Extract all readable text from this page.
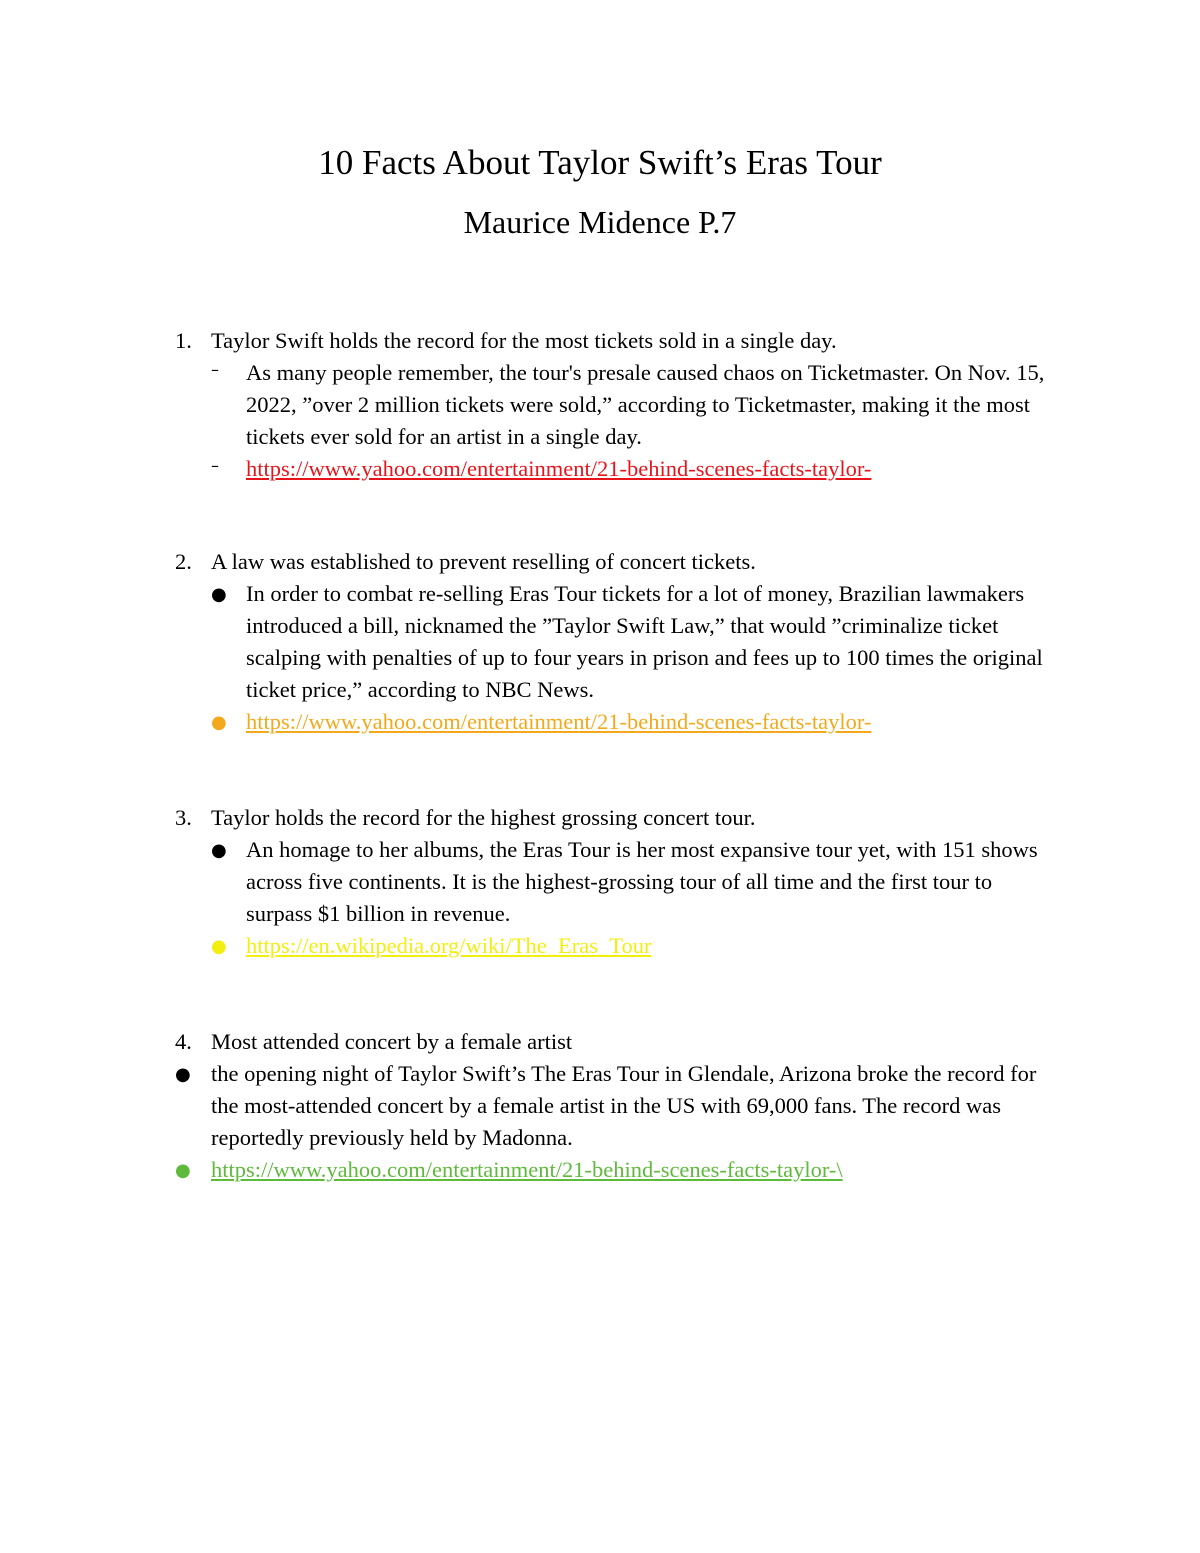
10 Facts About Taylor Swift’s Eras Tour
Maurice Midence P.7
1. Taylor Swift holds the record for the most tickets sold in a single day.
– As many people remember, the tour's presale caused chaos on Ticketmaster. On Nov. 15, 2022, ”over 2 million tickets were sold,” according to Ticketmaster, making it the most tickets ever sold for an artist in a single day.
– https://www.yahoo.com/entertainment/21-behind-scenes-facts-taylor-
2. A law was established to prevent reselling of concert tickets.
● In order to combat re-selling Eras Tour tickets for a lot of money, Brazilian lawmakers introduced a bill, nicknamed the ”Taylor Swift Law,” that would ”criminalize ticket scalping with penalties of up to four years in prison and fees up to 100 times the original ticket price,” according to NBC News.
● https://www.yahoo.com/entertainment/21-behind-scenes-facts-taylor-
3. Taylor holds the record for the highest grossing concert tour.
● An homage to her albums, the Eras Tour is her most expansive tour yet, with 151 shows across five continents. It is the highest-grossing tour of all time and the first tour to surpass $1 billion in revenue.
● https://en.wikipedia.org/wiki/The_Eras_Tour
4. Most attended concert by a female artist
● the opening night of Taylor Swift’s The Eras Tour in Glendale, Arizona broke the record for the most-attended concert by a female artist in the US with 69,000 fans. The record was reportedly previously held by Madonna.
● https://www.yahoo.com/entertainment/21-behind-scenes-facts-taylor-\
